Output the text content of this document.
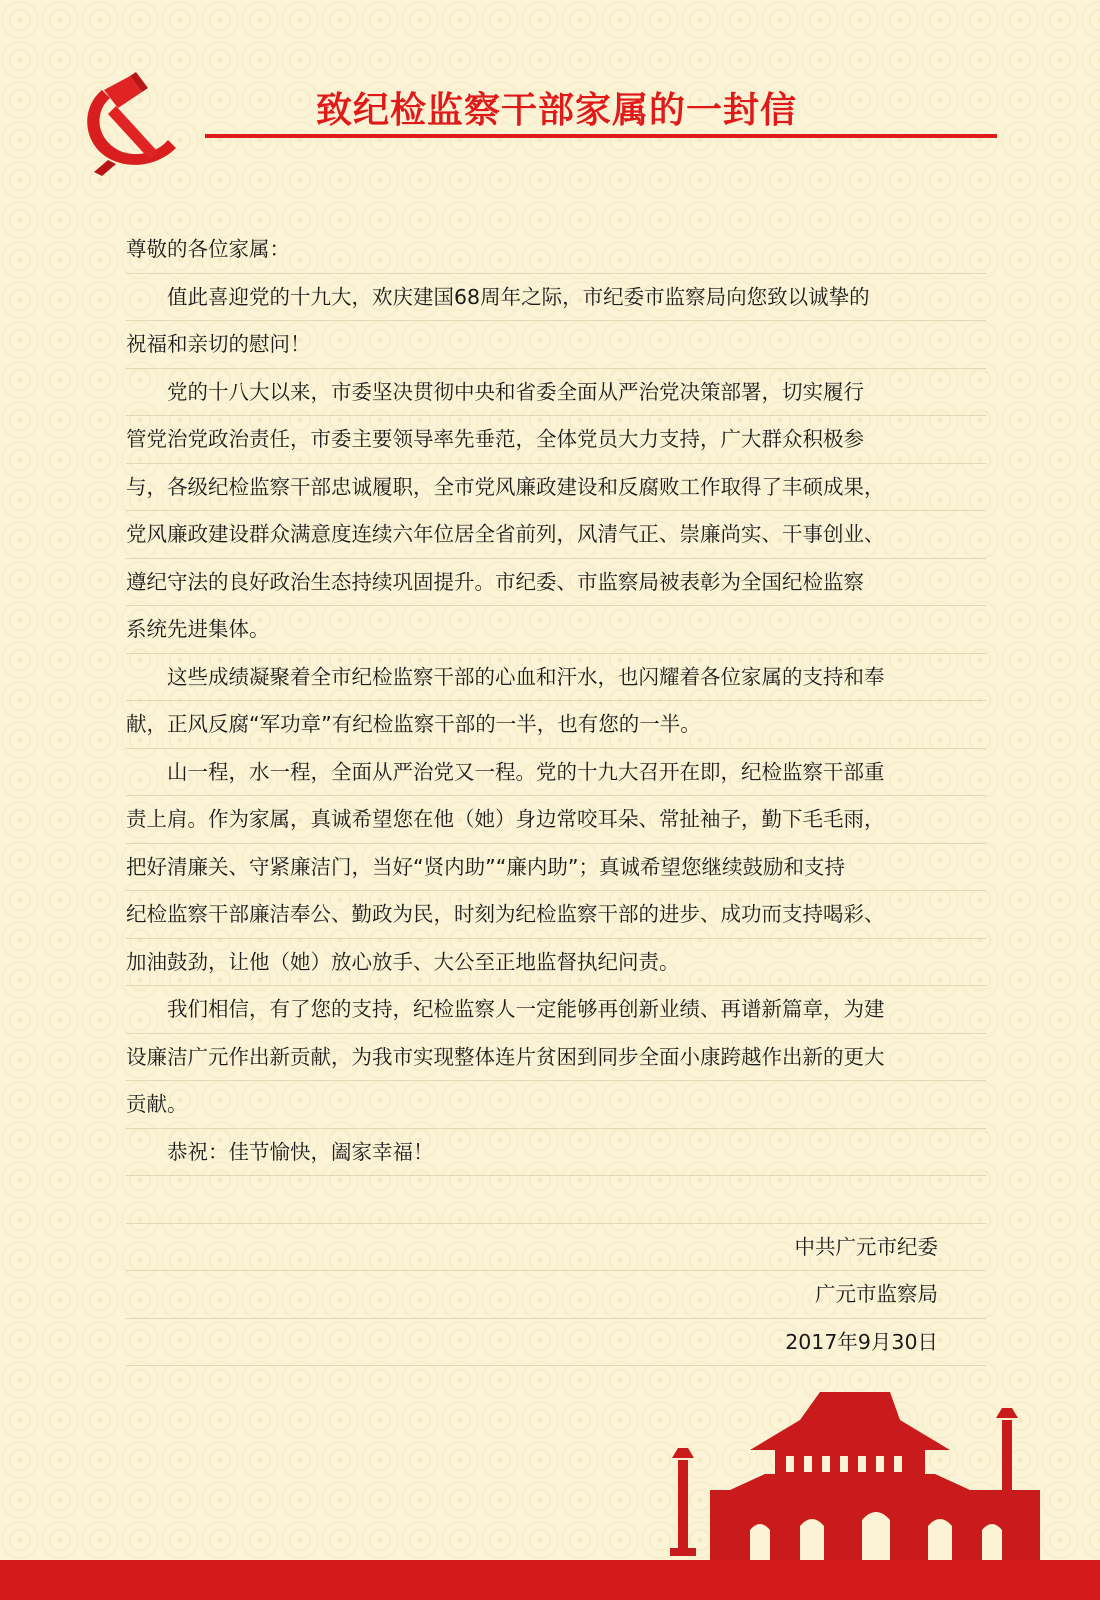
致纪检监察干部家属的一封信
尊敬的各位家属：
值此喜迎党的十九大，欢庆建国68周年之际，市纪委市监察局向您致以诚挚的
祝福和亲切的慰问！
党的十八大以来，市委坚决贯彻中央和省委全面从严治党决策部署，切实履行
管党治党政治责任，市委主要领导率先垂范，全体党员大力支持，广大群众积极参
与，各级纪检监察干部忠诚履职，全市党风廉政建设和反腐败工作取得了丰硕成果，
党风廉政建设群众满意度连续六年位居全省前列，风清气正、崇廉尚实、干事创业、
遵纪守法的良好政治生态持续巩固提升。市纪委、市监察局被表彰为全国纪检监察
系统先进集体。
这些成绩凝聚着全市纪检监察干部的心血和汗水，也闪耀着各位家属的支持和奉
献，正风反腐“军功章”有纪检监察干部的一半，也有您的一半。
山一程，水一程，全面从严治党又一程。党的十九大召开在即，纪检监察干部重
责上肩。作为家属，真诚希望您在他（她）身边常咬耳朵、常扯袖子，勤下毛毛雨，
把好清廉关、守紧廉洁门，当好“贤内助”“廉内助”；真诚希望您继续鼓励和支持
纪检监察干部廉洁奉公、勤政为民，时刻为纪检监察干部的进步、成功而支持喝彩、
加油鼓劲，让他（她）放心放手、大公至正地监督执纪问责。
我们相信，有了您的支持，纪检监察人一定能够再创新业绩、再谱新篇章，为建
设廉洁广元作出新贡献，为我市实现整体连片贫困到同步全面小康跨越作出新的更大
贡献。
恭祝：佳节愉快，阖家幸福！
中共广元市纪委
广元市监察局
2017年9月30日
